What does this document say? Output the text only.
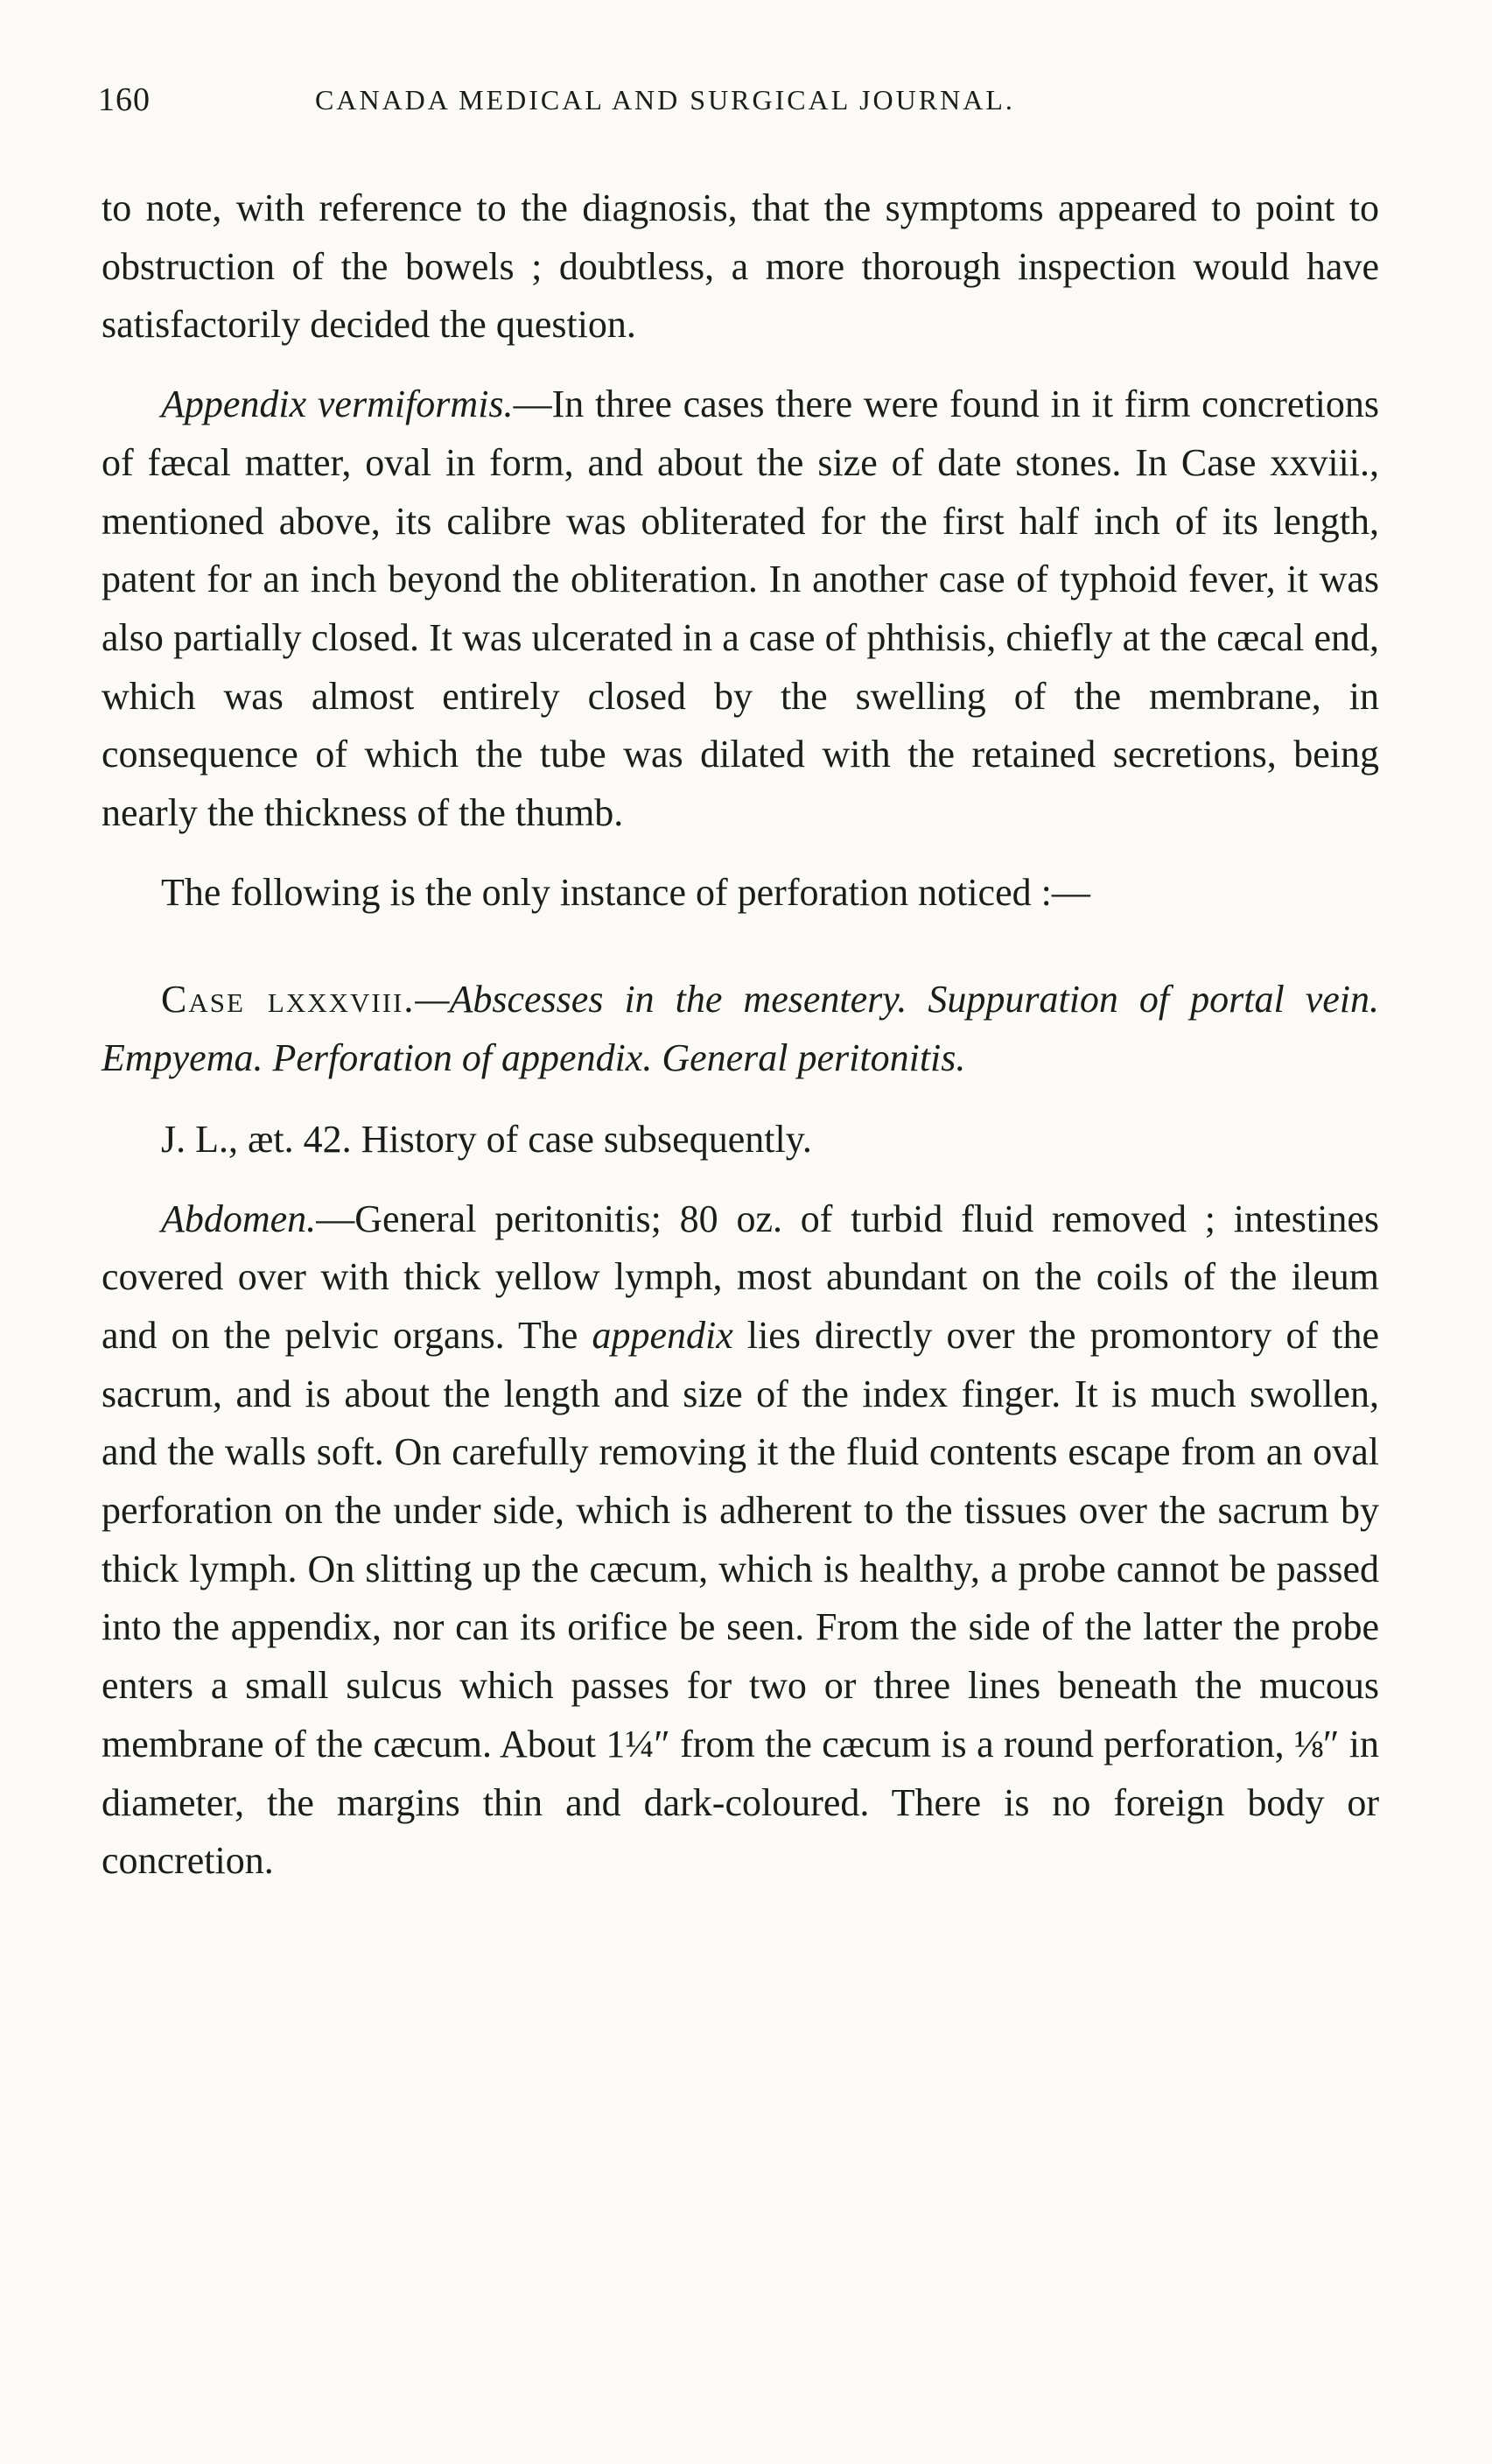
160	CANADA MEDICAL AND SURGICAL JOURNAL.

to note, with reference to the diagnosis, that the symptoms appeared to point to obstruction of the bowels ; doubtless, a more thorough inspection would have satisfactorily decided the question.

Appendix vermiformis.—In three cases there were found in it firm concretions of fæcal matter, oval in form, and about the size of date stones. In Case xxviii., mentioned above, its calibre was obliterated for the first half inch of its length, patent for an inch beyond the obliteration. In another case of typhoid fever, it was also partially closed. It was ulcerated in a case of phthisis, chiefly at the cæcal end, which was almost entirely closed by the swelling of the membrane, in consequence of which the tube was dilated with the retained secretions, being nearly the thickness of the thumb.

The following is the only instance of perforation noticed :—

Case lxxxviii.—Abscesses in the mesentery. Suppuration of portal vein. Empyema. Perforation of appendix. General peritonitis.

J. L., æt. 42. History of case subsequently.

Abdomen.—General peritonitis; 80 oz. of turbid fluid removed ; intestines covered over with thick yellow lymph, most abundant on the coils of the ileum and on the pelvic organs. The appendix lies directly over the promontory of the sacrum, and is about the length and size of the index finger. It is much swollen, and the walls soft. On carefully removing it the fluid contents escape from an oval perforation on the under side, which is adherent to the tissues over the sacrum by thick lymph. On slitting up the cæcum, which is healthy, a probe cannot be passed into the appendix, nor can its orifice be seen. From the side of the latter the probe enters a small sulcus which passes for two or three lines beneath the mucous membrane of the cæcum. About 1¼″ from the cæcum is a round perforation, ⅛″ in diameter, the margins thin and dark-coloured. There is no foreign body or concretion.
